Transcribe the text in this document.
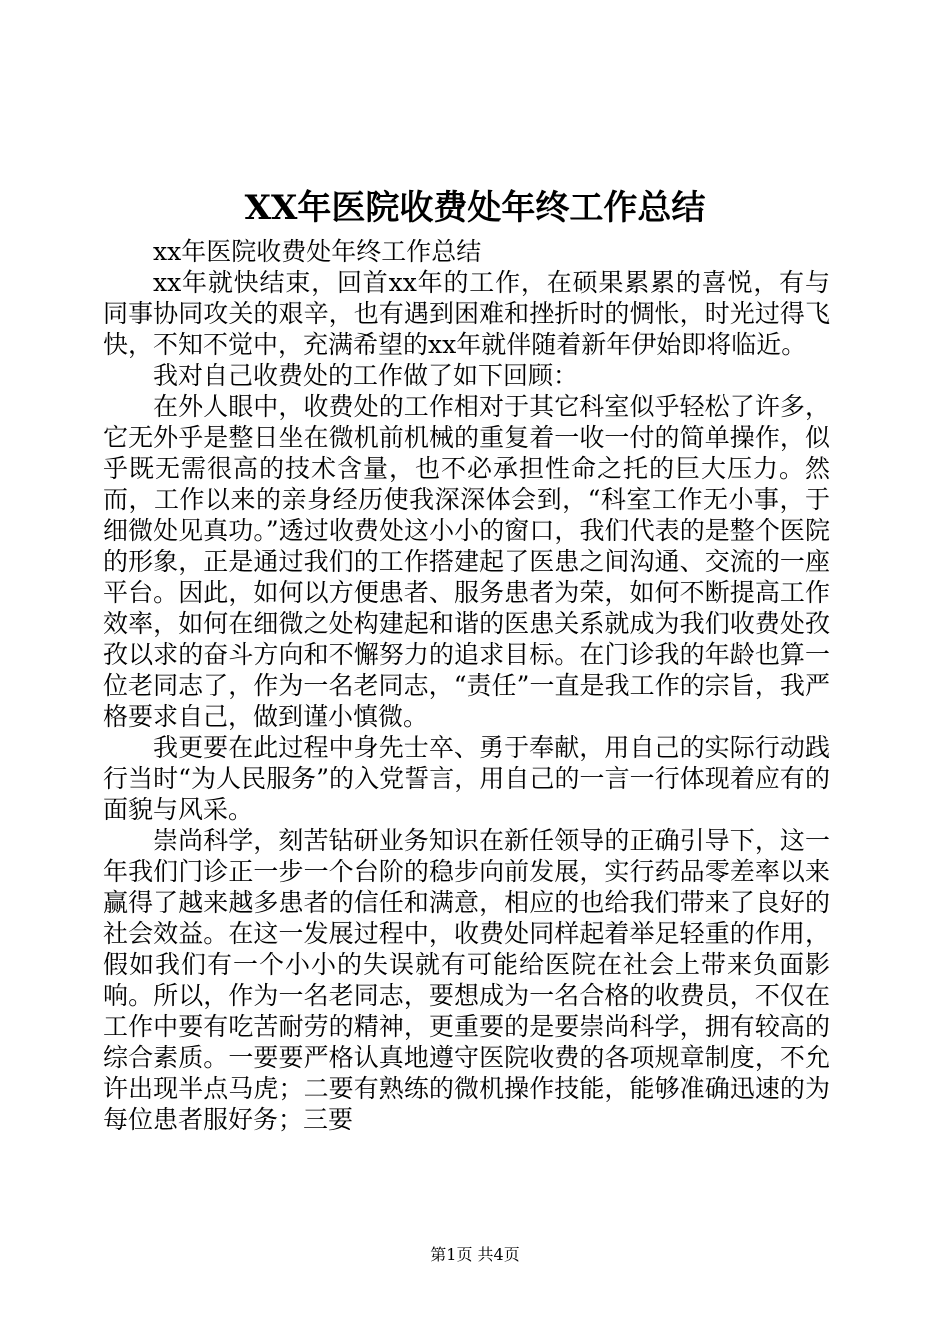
XX年医院收费处年终工作总结

xx年医院收费处年终工作总结

xx年就快结束，回首xx年的工作，在硕果累累的喜悦，有与同事协同攻关的艰辛，也有遇到困难和挫折时的惆怅，时光过得飞快，不知不觉中，充满希望的xx年就伴随着新年伊始即将临近。

我对自己收费处的工作做了如下回顾：

在外人眼中，收费处的工作相对于其它科室似乎轻松了许多，它无外乎是整日坐在微机前机械的重复着一收一付的简单操作，似乎既无需很高的技术含量，也不必承担性命之托的巨大压力。然而，工作以来的亲身经历使我深深体会到，“科室工作无小事，于细微处见真功。”透过收费处这小小的窗口，我们代表的是整个医院的形象，正是通过我们的工作搭建起了医患之间沟通、交流的一座平台。因此，如何以方便患者、服务患者为荣，如何不断提高工作效率，如何在细微之处构建起和谐的医患关系就成为我们收费处孜孜以求的奋斗方向和不懈努力的追求目标。在门诊我的年龄也算一位老同志了，作为一名老同志，“责任”一直是我工作的宗旨，我严格要求自己，做到谨小慎微。

我更要在此过程中身先士卒、勇于奉献，用自己的实际行动践行当时“为人民服务”的入党誓言，用自己的一言一行体现着应有的面貌与风采。

崇尚科学，刻苦钻研业务知识在新任领导的正确引导下，这一年我们门诊正一步一个台阶的稳步向前发展，实行药品零差率以来赢得了越来越多患者的信任和满意，相应的也给我们带来了良好的社会效益。在这一发展过程中，收费处同样起着举足轻重的作用，假如我们有一个小小的失误就有可能给医院在社会上带来负面影响。所以，作为一名老同志，要想成为一名合格的收费员，不仅在工作中要有吃苦耐劳的精神，更重要的是要崇尚科学，拥有较高的综合素质。一要要严格认真地遵守医院收费的各项规章制度，不允许出现半点马虎；二要有熟练的微机操作技能，能够准确迅速的为每位患者服好务；三要

第1页 共4页
